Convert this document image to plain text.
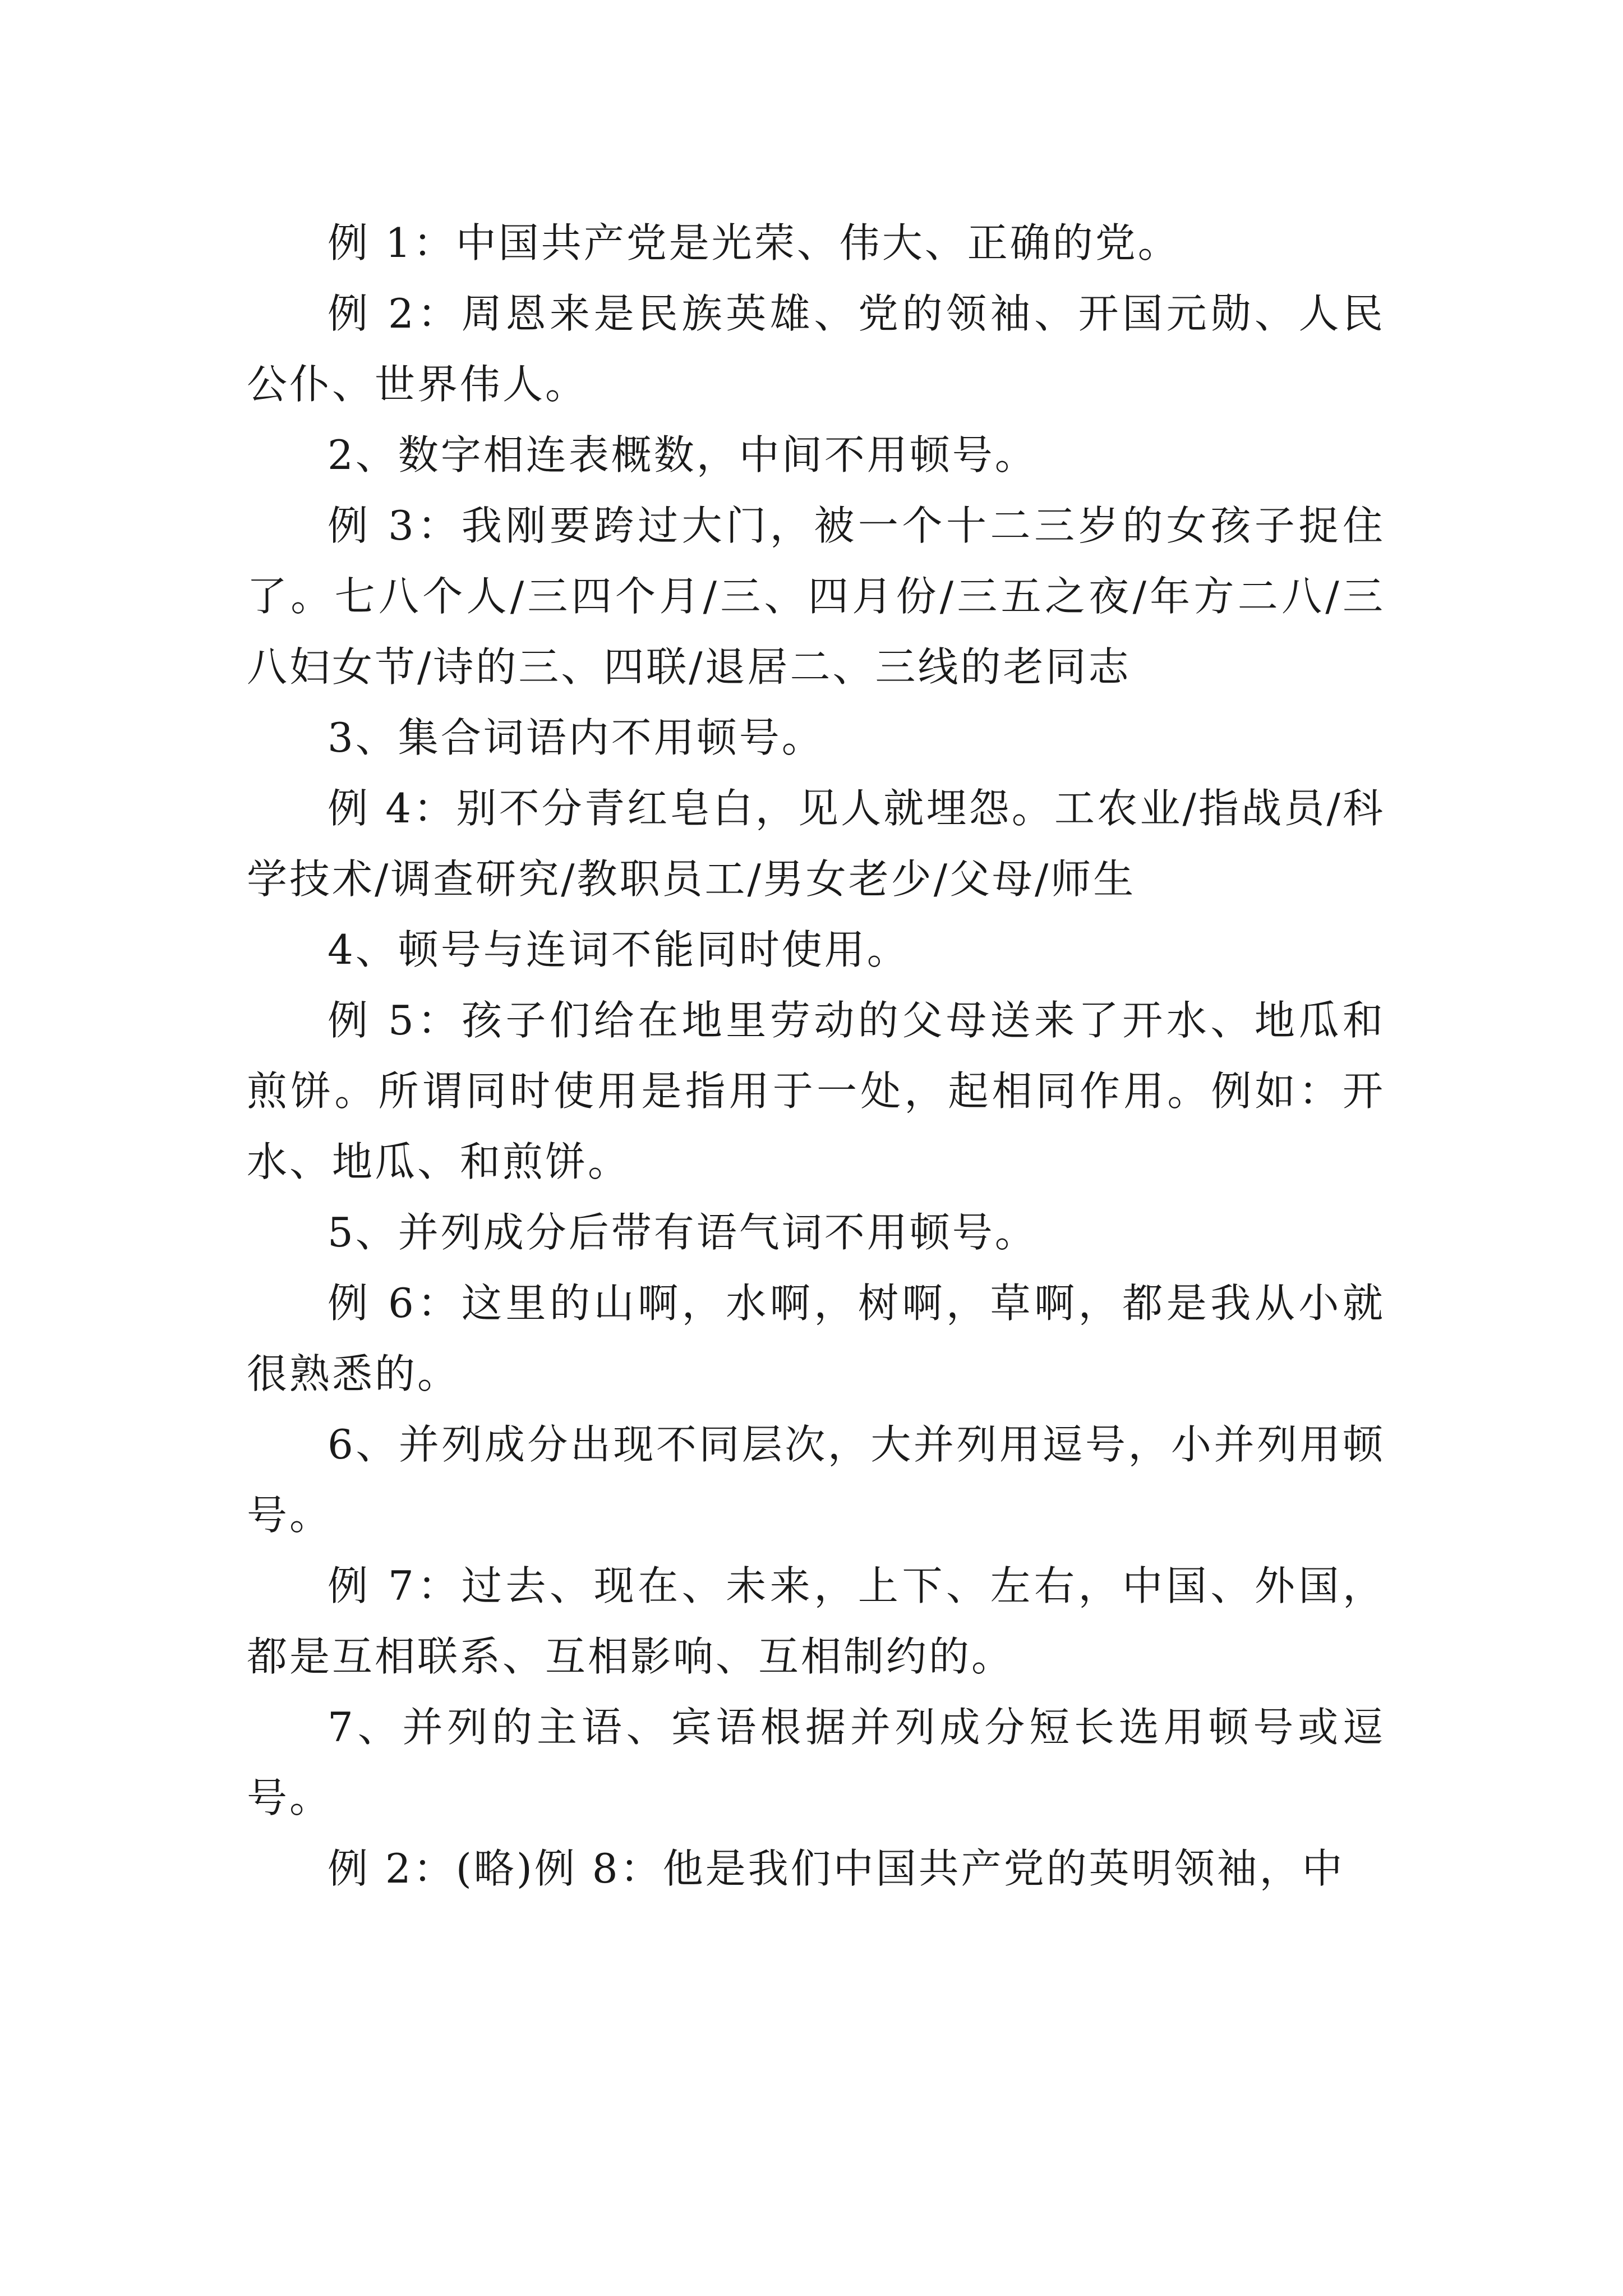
例 1：中国共产党是光荣、伟大、正确的党。

例 2：周恩来是民族英雄、党的领袖、开国元勋、人民公仆、世界伟人。

2、数字相连表概数，中间不用顿号。

例 3：我刚要跨过大门，被一个十二三岁的女孩子捉住了。七八个人/三四个月/三、四月份/三五之夜/年方二八/三八妇女节/诗的三、四联/退居二、三线的老同志

3、集合词语内不用顿号。

例 4：别不分青红皂白，见人就埋怨。工农业/指战员/科学技术/调查研究/教职员工/男女老少/父母/师生

4、顿号与连词不能同时使用。

例 5：孩子们给在地里劳动的父母送来了开水、地瓜和煎饼。所谓同时使用是指用于一处，起相同作用。例如：开水、地瓜、和煎饼。

5、并列成分后带有语气词不用顿号。

例 6：这里的山啊，水啊，树啊，草啊，都是我从小就很熟悉的。

6、并列成分出现不同层次，大并列用逗号，小并列用顿号。

例 7：过去、现在、未来，上下、左右，中国、外国，都是互相联系、互相影响、互相制约的。

7、并列的主语、宾语根据并列成分短长选用顿号或逗号。

例 2：(略)例 8：他是我们中国共产党的英明领袖，中
